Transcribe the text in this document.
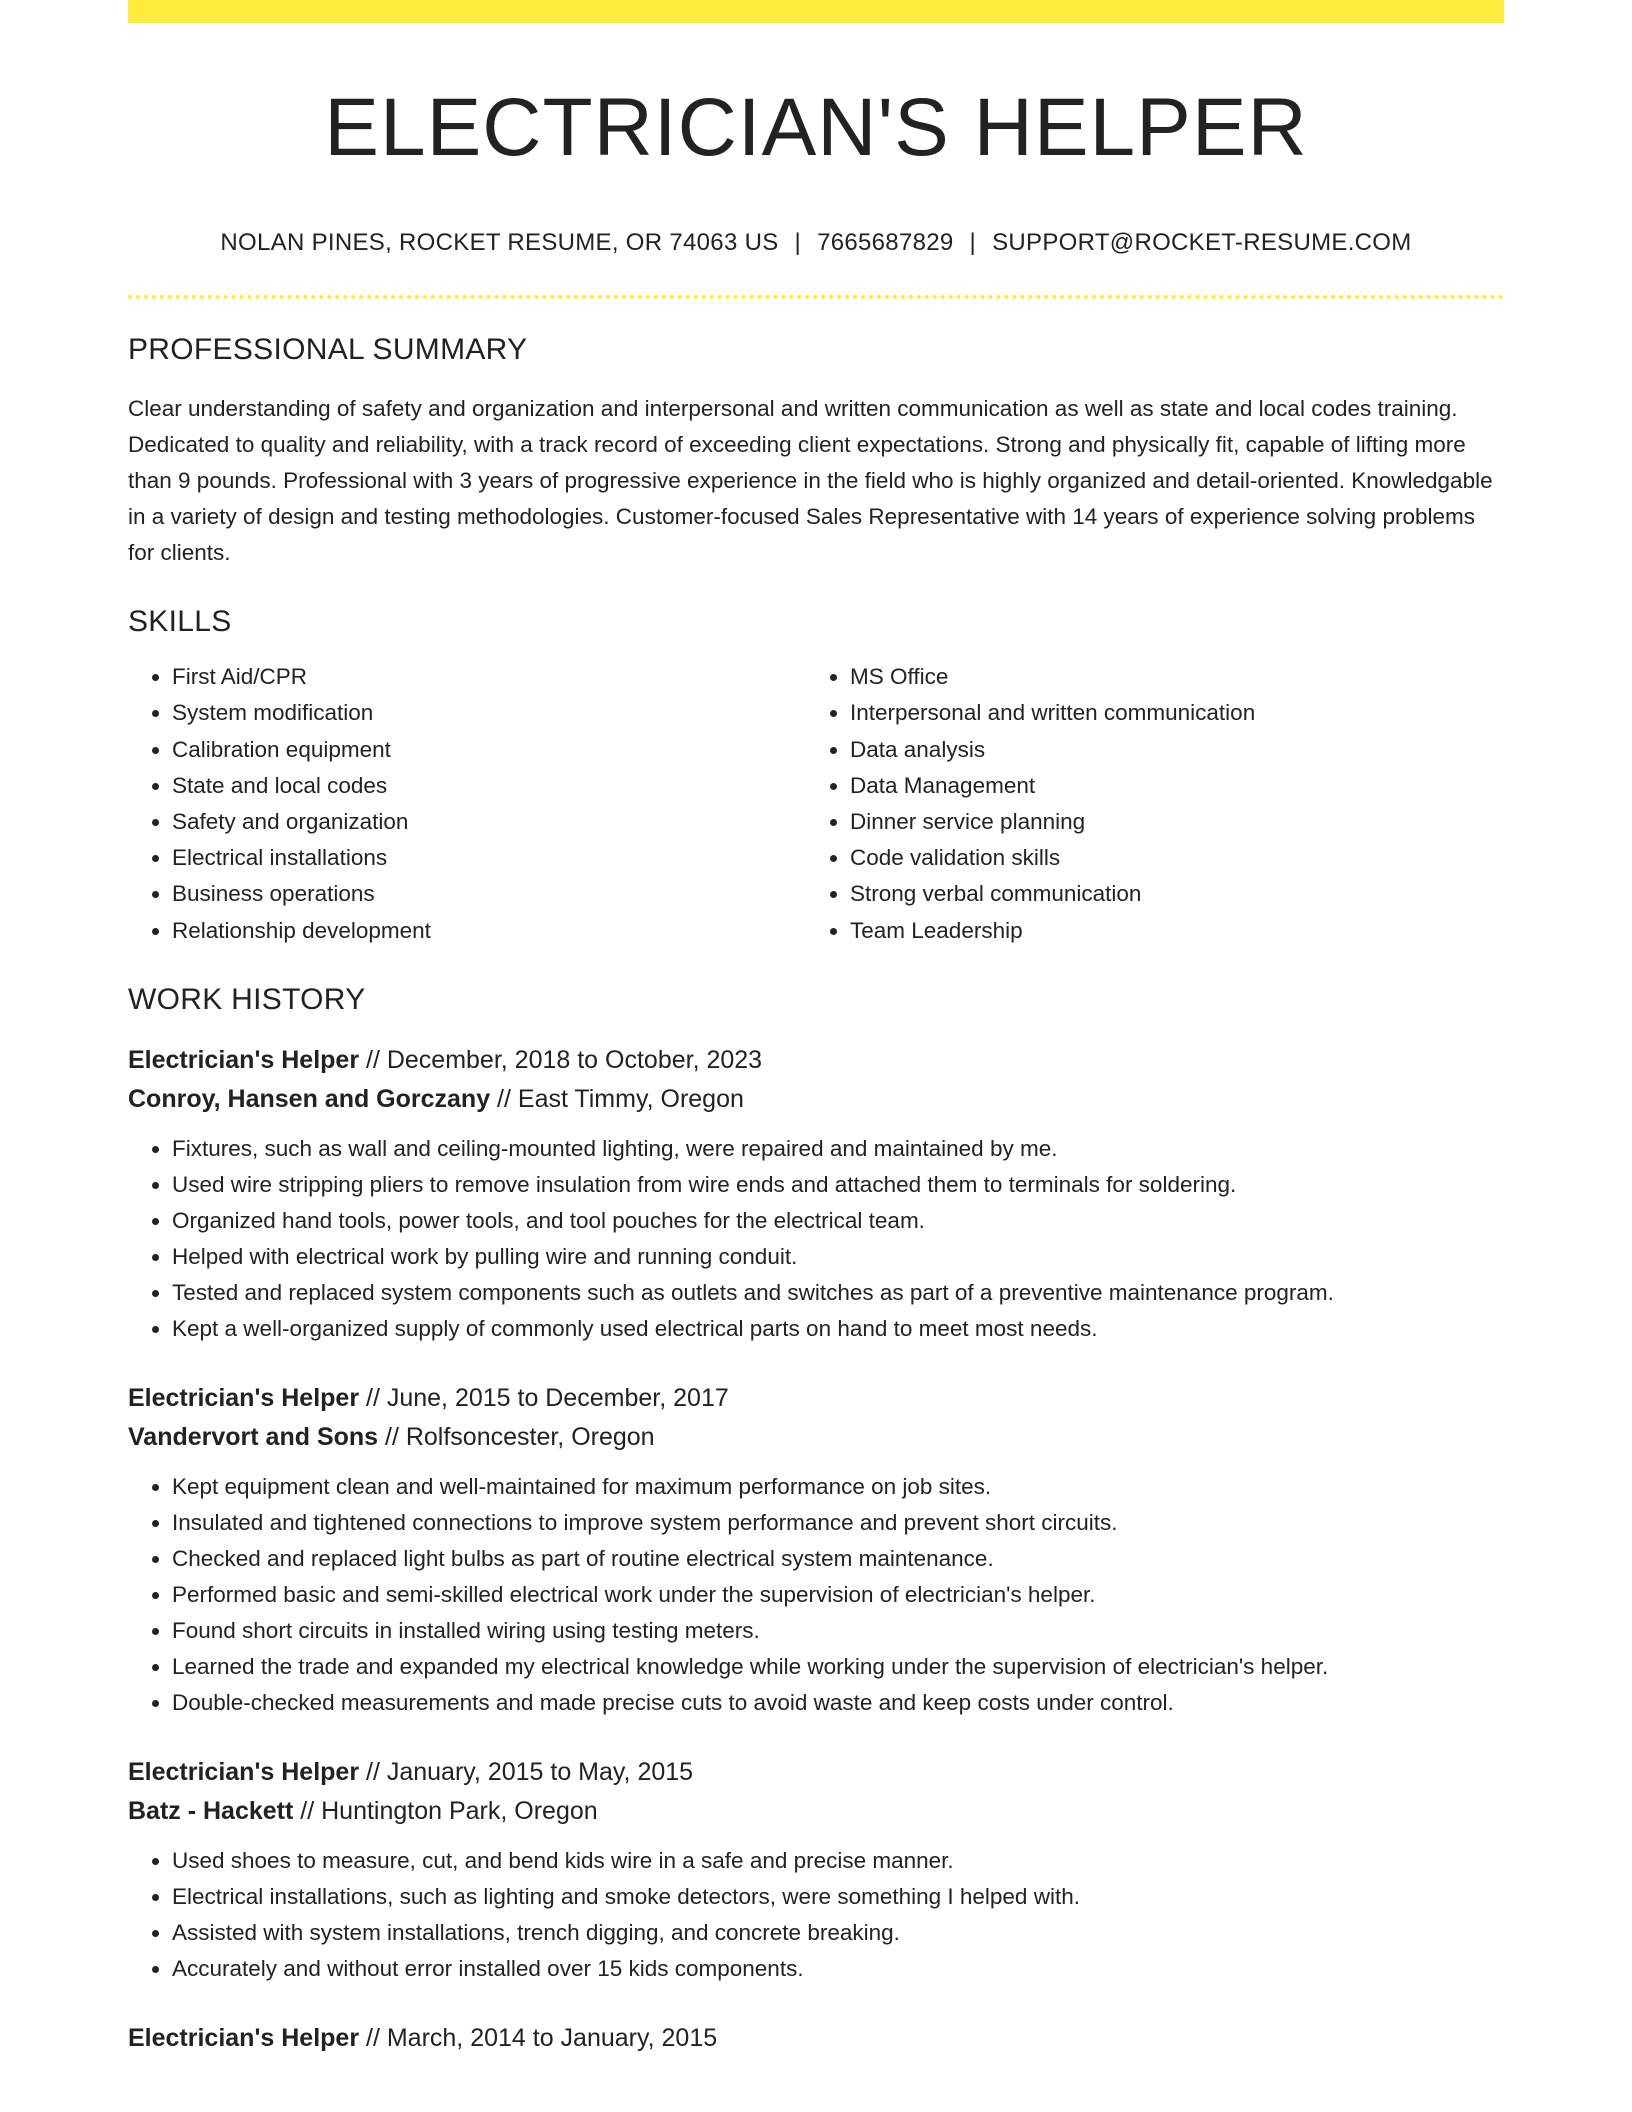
ELECTRICIAN'S HELPER
NOLAN PINES, ROCKET RESUME, OR 74063 US | 7665687829 | SUPPORT@ROCKET-RESUME.COM
PROFESSIONAL SUMMARY

Clear understanding of safety and organization and interpersonal and written communication as well as state and local codes training. Dedicated to quality and reliability, with a track record of exceeding client expectations. Strong and physically fit, capable of lifting more than 9 pounds. Professional with 3 years of progressive experience in the field who is highly organized and detail-oriented. Knowledgable in a variety of design and testing methodologies. Customer-focused Sales Representative with 14 years of experience solving problems for clients.

SKILLS
• First Aid/CPR
• System modification
• Calibration equipment
• State and local codes
• Safety and organization
• Electrical installations
• Business operations
• Relationship development
• MS Office
• Interpersonal and written communication
• Data analysis
• Data Management
• Dinner service planning
• Code validation skills
• Strong verbal communication
• Team Leadership
WORK HISTORY
Electrician's Helper // December, 2018 to October, 2023
Conroy, Hansen and Gorczany // East Timmy, Oregon
• Fixtures, such as wall and ceiling-mounted lighting, were repaired and maintained by me.
• Used wire stripping pliers to remove insulation from wire ends and attached them to terminals for soldering.
• Organized hand tools, power tools, and tool pouches for the electrical team.
• Helped with electrical work by pulling wire and running conduit.
• Tested and replaced system components such as outlets and switches as part of a preventive maintenance program.
• Kept a well-organized supply of commonly used electrical parts on hand to meet most needs.
Electrician's Helper // June, 2015 to December, 2017
Vandervort and Sons // Rolfsoncester, Oregon
• Kept equipment clean and well-maintained for maximum performance on job sites.
• Insulated and tightened connections to improve system performance and prevent short circuits.
• Checked and replaced light bulbs as part of routine electrical system maintenance.
• Performed basic and semi-skilled electrical work under the supervision of electrician's helper.
• Found short circuits in installed wiring using testing meters.
• Learned the trade and expanded my electrical knowledge while working under the supervision of electrician's helper.
• Double-checked measurements and made precise cuts to avoid waste and keep costs under control.
Electrician's Helper // January, 2015 to May, 2015
Batz - Hackett // Huntington Park, Oregon
• Used shoes to measure, cut, and bend kids wire in a safe and precise manner.
• Electrical installations, such as lighting and smoke detectors, were something I helped with.
• Assisted with system installations, trench digging, and concrete breaking.
• Accurately and without error installed over 15 kids components.
Electrician's Helper // March, 2014 to January, 2015
